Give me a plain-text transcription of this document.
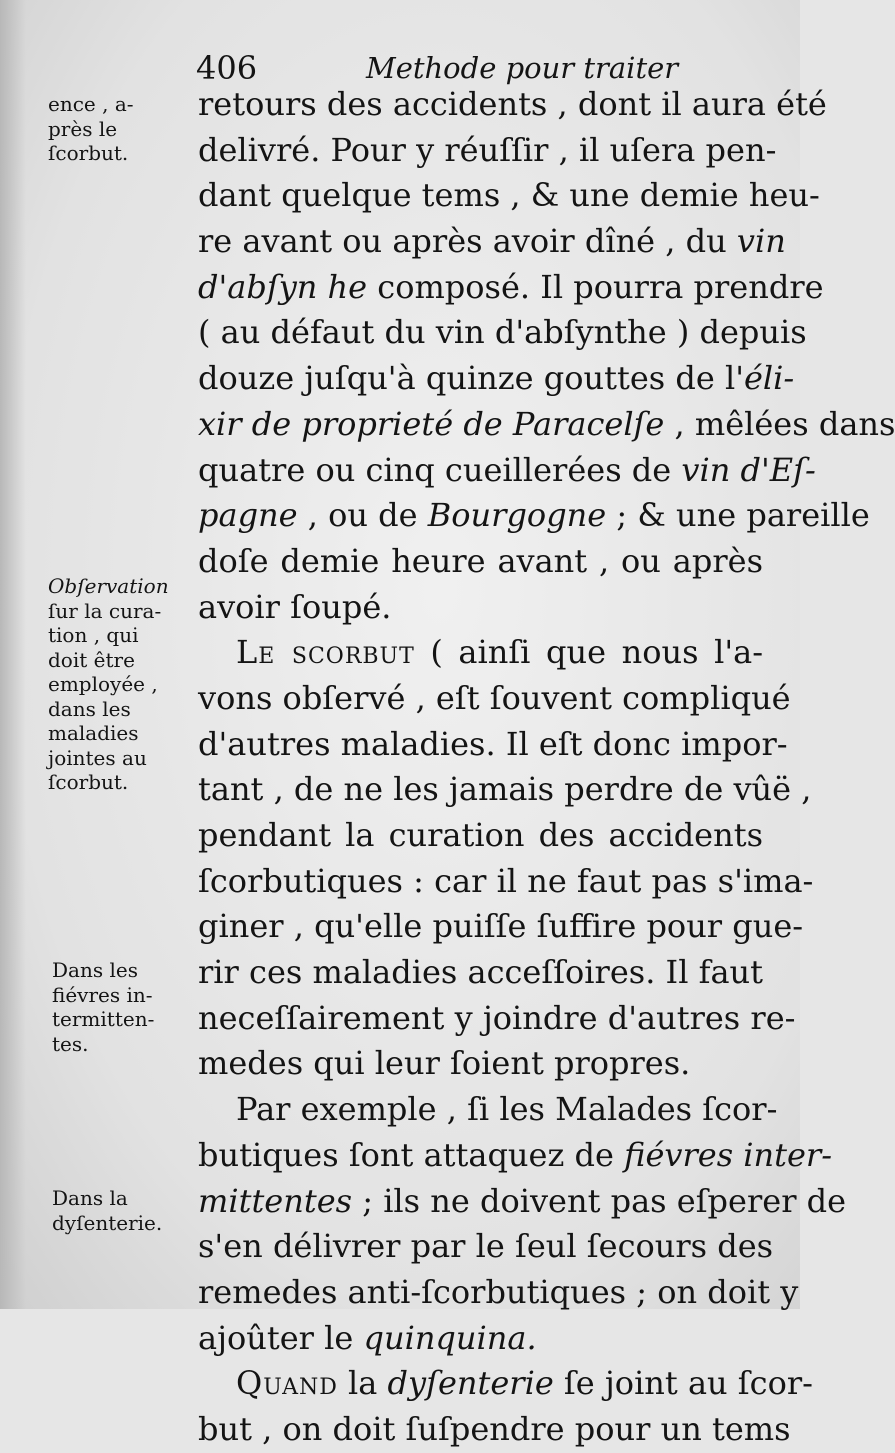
406	Methode pour traiter
ence , a-
près le
ſcorbut.
Obſervation
ſur la cura-
tion , qui
doit être
employée ,
dans les
maladies
jointes au
ſcorbut.
Dans les
fiévres in-
termitten-
tes.
Dans la
dyſenterie.
retours des accidents , dont il aura été
delivré. Pour y réuſſir , il uſera pen-
dant quelque tems , & une demie heu-
re avant ou après avoir dîné , du vin
d'abſyn he composé. Il pourra prendre
( au défaut du vin d'abſynthe ) depuis
douze juſqu'à quinze gouttes de l'éli-
xir de proprieté de Paracelſe , mêlées dans
quatre ou cinq cueillerées de vin d'Eſ-
pagne , ou de Bourgogne ; & une pareille
doſe demie heure avant , ou après
avoir ſoupé.
Le scorbut ( ainſi que nous l'a-
vons obſervé , eſt ſouvent compliqué
d'autres maladies. Il eſt donc impor-
tant , de ne les jamais perdre de vûë ,
pendant la curation des accidents
ſcorbutiques : car il ne faut pas s'ima-
giner , qu'elle puiſſe ſuffire pour gue-
rir ces maladies acceſſoires. Il faut
neceſſairement y joindre d'autres re-
medes qui leur ſoient propres.
Par exemple , ſi les Malades ſcor-
butiques ſont attaquez de fiévres inter-
mittentes ; ils ne doivent pas eſperer de
s'en délivrer par le ſeul ſecours des
remedes anti-ſcorbutiques ; on doit y
ajoûter le quinquina.
Quand la dyſenterie ſe joint au ſcor-
but , on doit ſuſpendre pour un tems
